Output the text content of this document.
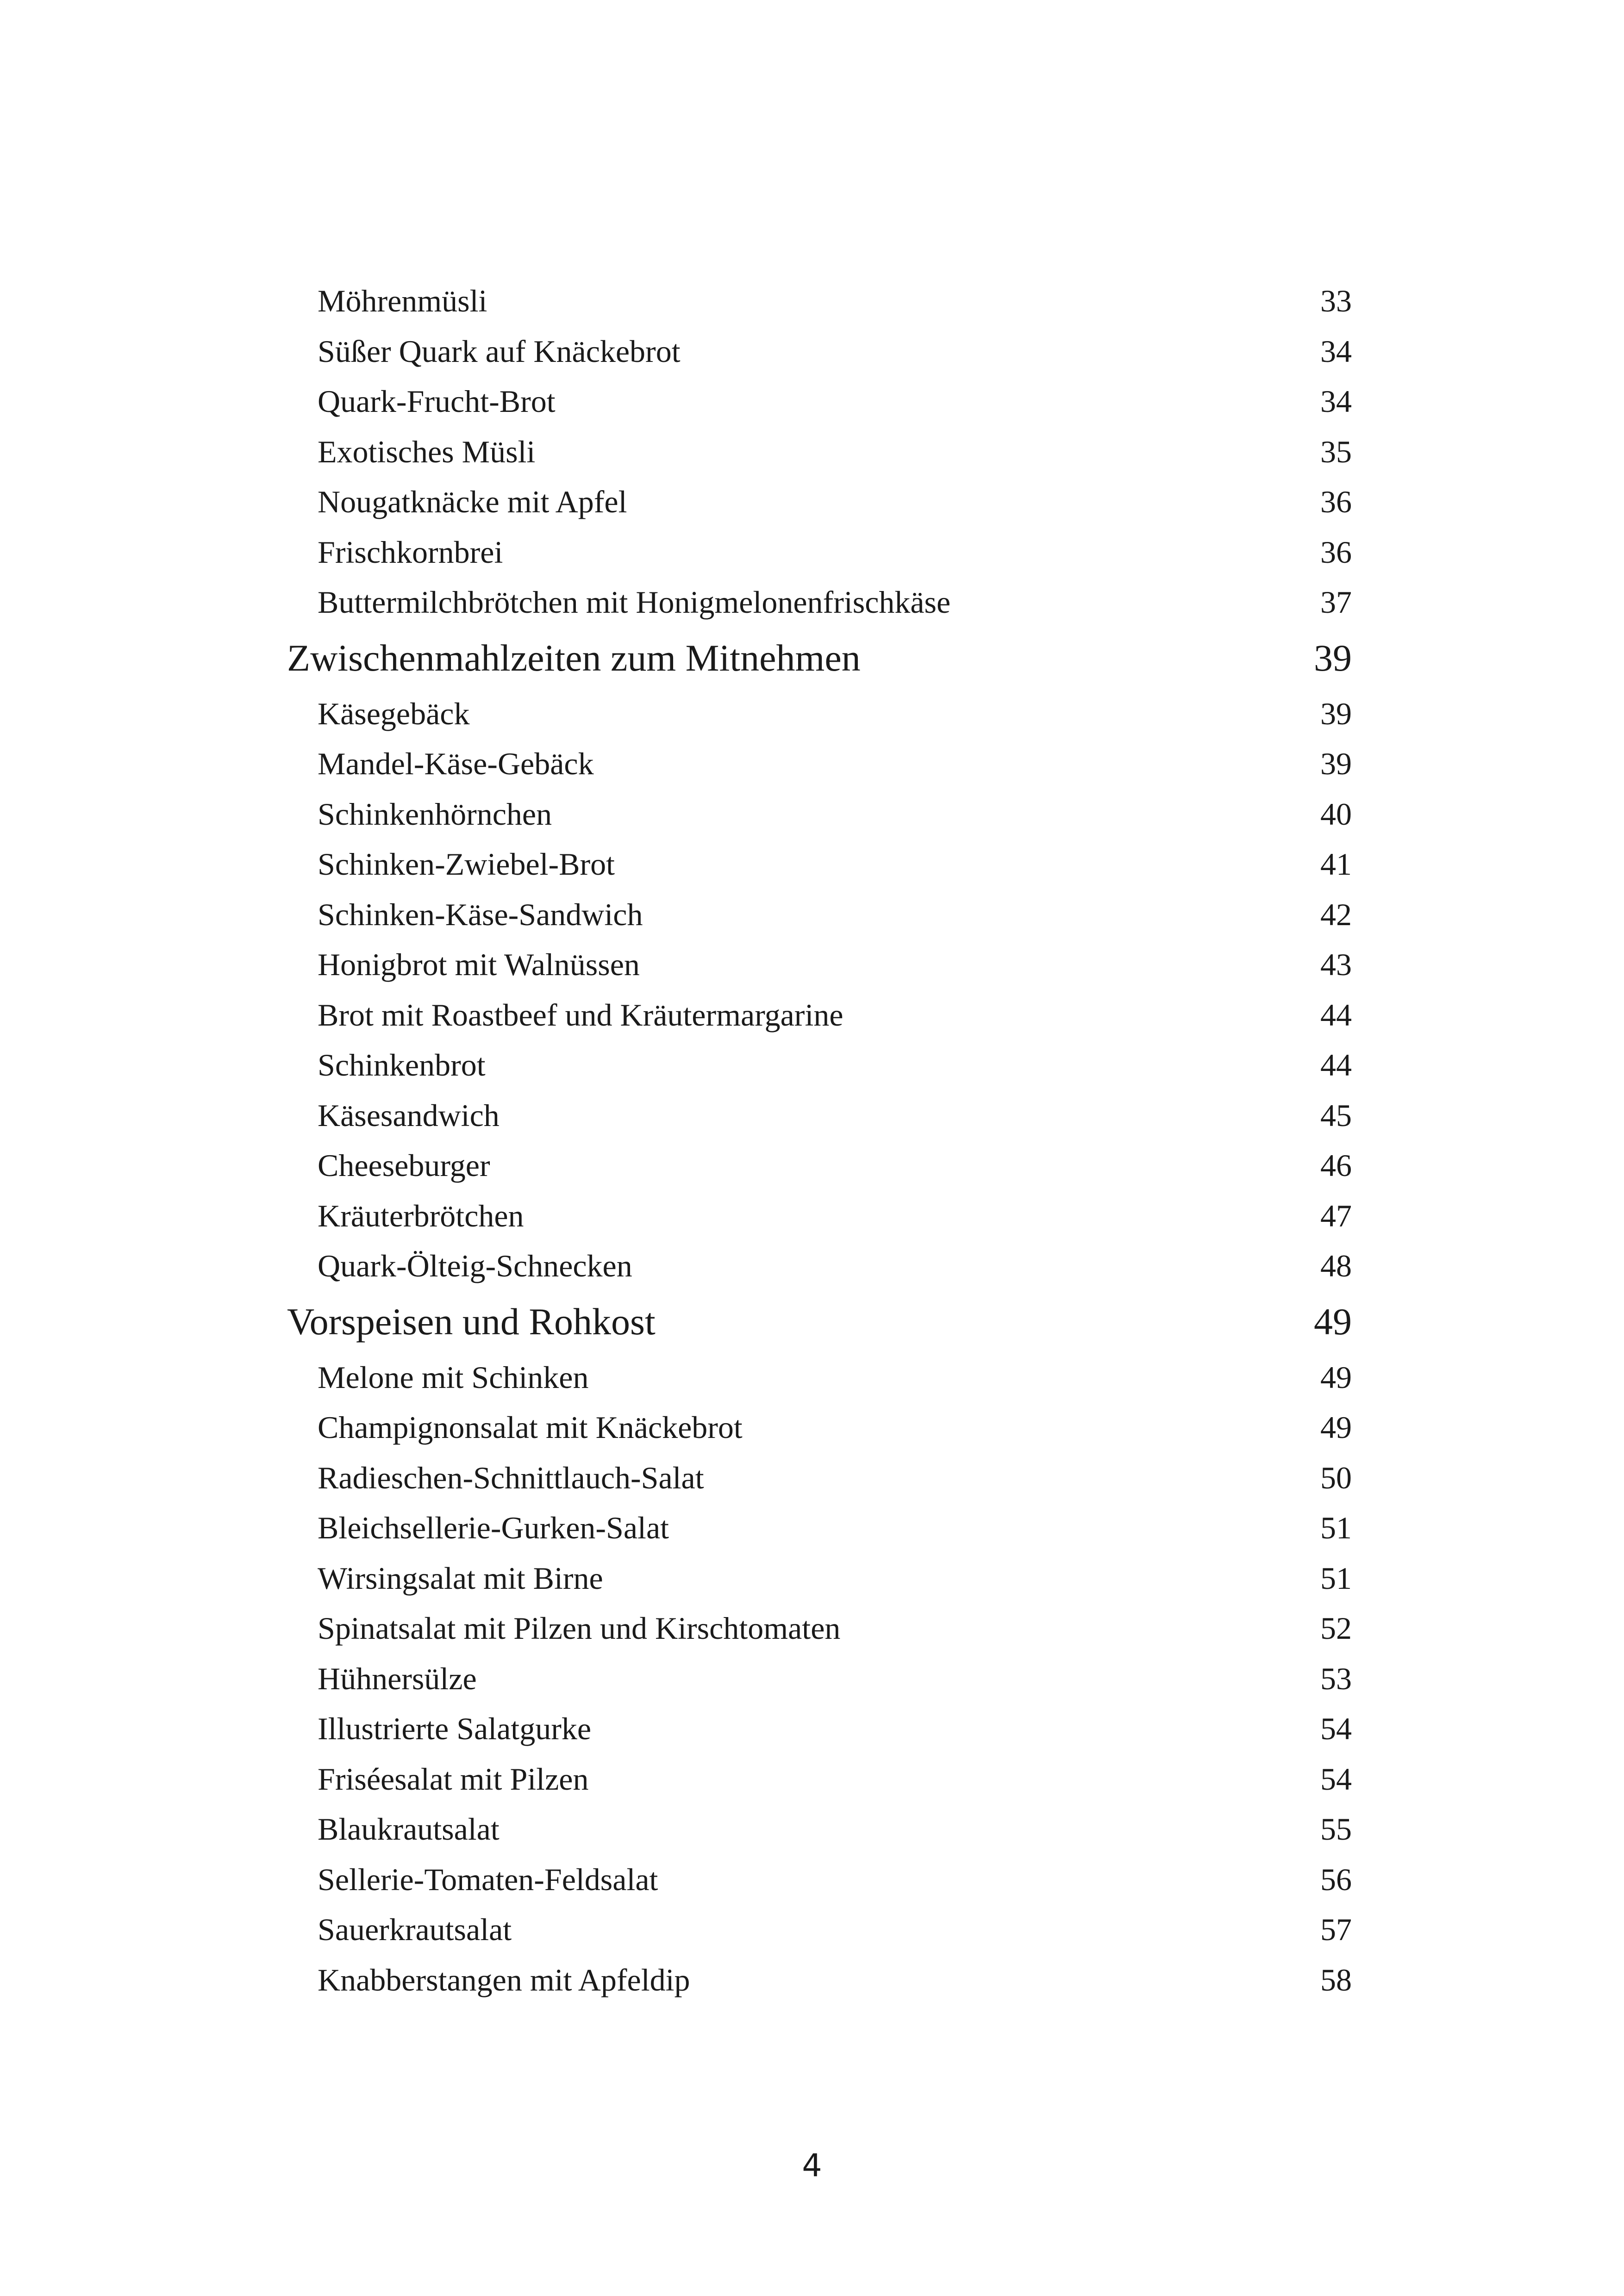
Möhrenmüsli	33
Süßer Quark auf Knäckebrot	34
Quark-Frucht-Brot	34
Exotisches Müsli	35
Nougatknäcke mit Apfel	36
Frischkornbrei	36
Buttermilchbrötchen mit Honigmelonenfrischkäse	37
Zwischenmahlzeiten zum Mitnehmen	39
Käsegebäck	39
Mandel-Käse-Gebäck	39
Schinkenhörnchen	40
Schinken-Zwiebel-Brot	41
Schinken-Käse-Sandwich	42
Honigbrot mit Walnüssen	43
Brot mit Roastbeef und Kräutermargarine	44
Schinkenbrot	44
Käsesandwich	45
Cheeseburger	46
Kräuterbrötchen	47
Quark-Ölteig-Schnecken	48
Vorspeisen und Rohkost	49
Melone mit Schinken	49
Champignonsalat mit Knäckebrot	49
Radieschen-Schnittlauch-Salat	50
Bleichsellerie-Gurken-Salat	51
Wirsingsalat mit Birne	51
Spinatsalat mit Pilzen und Kirschtomaten	52
Hühnersülze	53
Illustrierte Salatgurke	54
Friséesalat mit Pilzen	54
Blaukrautsalat	55
Sellerie-Tomaten-Feldsalat	56
Sauerkrautsalat	57
Knabberstangen mit Apfeldip	58
4
